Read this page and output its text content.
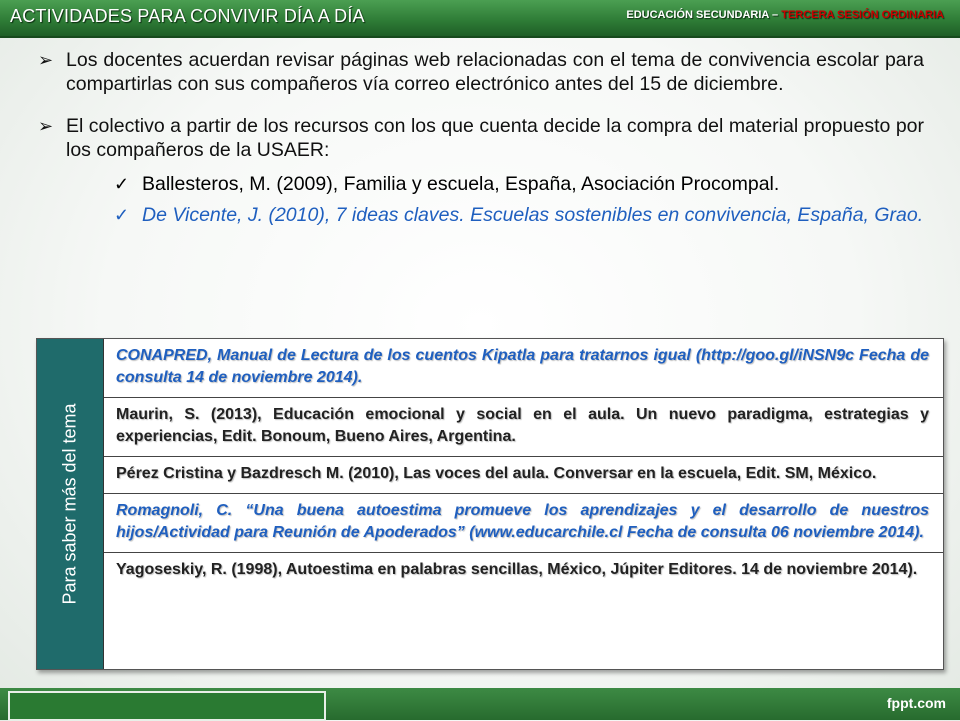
ACTIVIDADES PARA CONVIVIR DÍA A DÍA	EDUCACIÓN SECUNDARIA – TERCERA SESIÓN ORDINARIA
➢ Los docentes acuerdan revisar páginas web relacionadas con el tema de convivencia escolar para compartirlas con sus compañeros vía correo electrónico antes del 15 de diciembre.
➢ El colectivo a partir de los recursos con los que cuenta decide la compra del material propuesto por los compañeros de la USAER:
✓ Ballesteros, M. (2009), Familia y escuela, España, Asociación Procompal.
✓ De Vicente, J. (2010), 7 ideas claves. Escuelas sostenibles en convivencia, España, Grao.
Para saber más del tema
CONAPRED, Manual de Lectura de los cuentos Kipatla para tratarnos igual (http://goo.gl/iNSN9c Fecha de consulta 14 de noviembre 2014).
Maurin, S. (2013), Educación emocional y social en el aula. Un nuevo paradigma, estrategias y experiencias, Edit. Bonoum, Bueno Aires, Argentina.
Pérez Cristina y Bazdresch M. (2010), Las voces del aula. Conversar en la escuela, Edit. SM, México.
Romagnoli, C. “Una buena autoestima promueve los aprendizajes y el desarrollo de nuestros hijos/Actividad para Reunión de Apoderados” (www.educarchile.cl Fecha de consulta 06 noviembre 2014).
Yagoseskiy, R. (1998), Autoestima en palabras sencillas, México, Júpiter Editores. 14 de noviembre 2014).
fppt.com
